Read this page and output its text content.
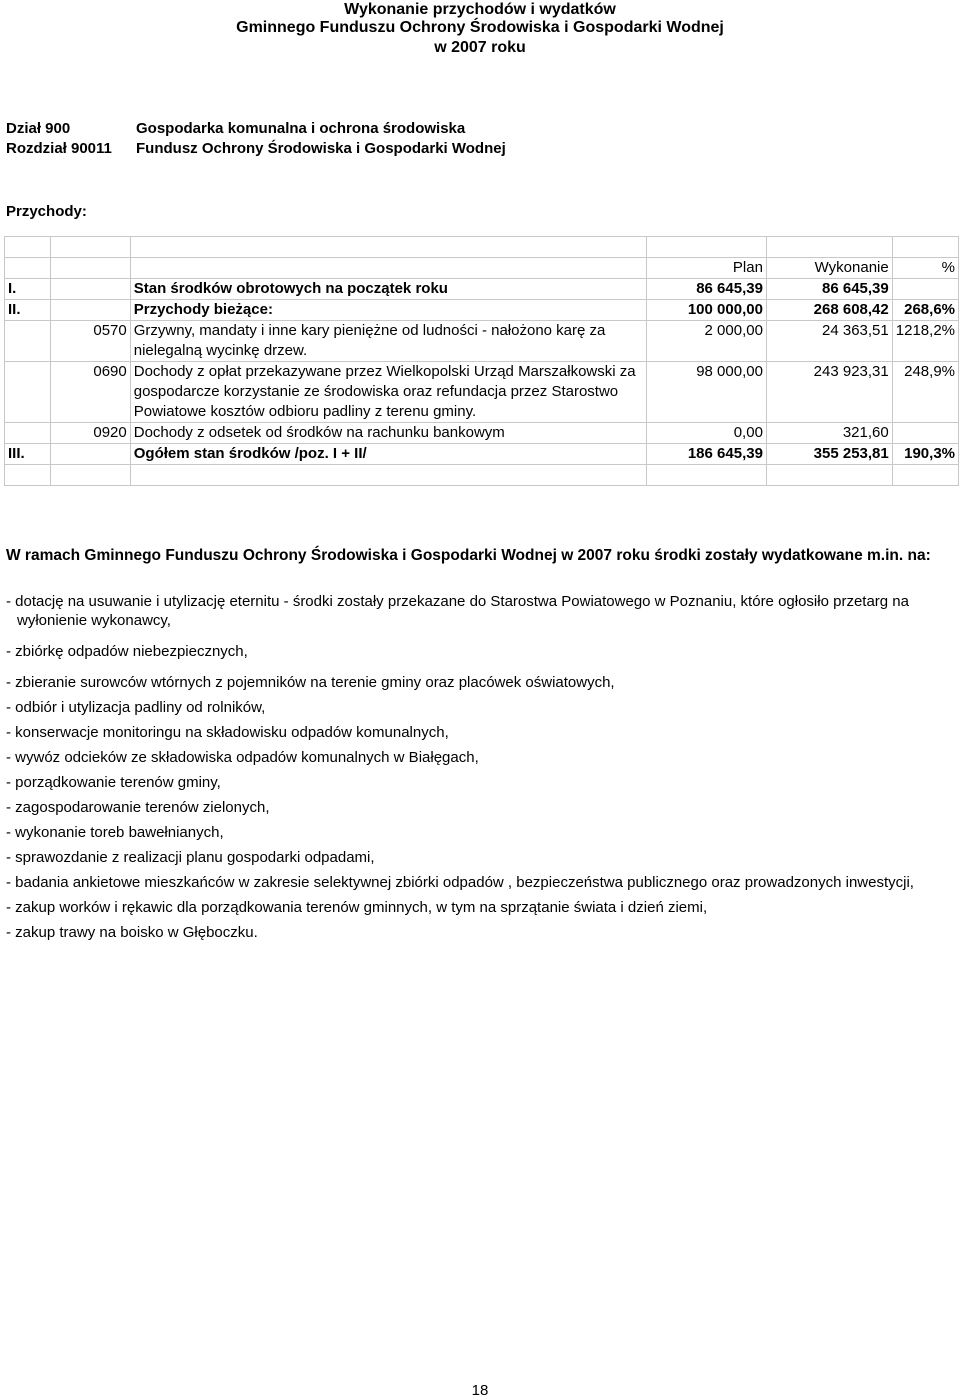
Wykonanie przychodów i wydatków
Gminnego Funduszu Ochrony Środowiska i Gospodarki Wodnej
w 2007 roku
Dział 900	Gospodarka komunalna i ochrona środowiska
Rozdział 90011 Fundusz Ochrony Środowiska i Gospodarki Wodnej
Przychody:

			Plan	Wykonanie	%
I.		Stan środków obrotowych na początek roku	86 645,39	86 645,39	
II.		Przychody bieżące:	100 000,00	268 608,42	268,6%
	0570	Grzywny, mandaty i inne kary pieniężne od ludności - nałożono karę za nielegalną wycinkę drzew.	2 000,00	24 363,51	1218,2%
	0690	Dochody z opłat przekazywane przez Wielkopolski Urząd Marszałkowski za gospodarcze korzystanie ze środowiska oraz refundacja przez Starostwo Powiatowe kosztów odbioru padliny z terenu gminy.	98 000,00	243 923,31	248,9%
	0920	Dochody z odsetek od środków na rachunku bankowym	0,00	321,60	
III.		Ogółem stan środków /poz. I + II/	186 645,39	355 253,81	190,3%

W ramach Gminnego Funduszu Ochrony Środowiska i Gospodarki Wodnej w 2007 roku środki zostały wydatkowane m.in. na:
- dotację na usuwanie i utylizację eternitu - środki zostały przekazane do Starostwa Powiatowego w Poznaniu, które ogłosiło przetarg na wyłonienie wykonawcy,
- zbiórkę odpadów niebezpiecznych,
- zbieranie surowców wtórnych z pojemników na terenie gminy oraz placówek oświatowych,
- odbiór i utylizacja padliny od rolników,
- konserwacje monitoringu na składowisku odpadów komunalnych,
- wywóz odcieków ze składowiska odpadów komunalnych w Białęgach,
- porządkowanie terenów gminy,
- zagospodarowanie terenów zielonych,
- wykonanie toreb bawełnianych,
- sprawozdanie z realizacji planu gospodarki odpadami,
- badania ankietowe mieszkańców w zakresie selektywnej zbiórki odpadów , bezpieczeństwa publicznego oraz prowadzonych inwestycji,
- zakup worków i rękawic dla porządkowania terenów gminnych, w tym na sprzątanie świata i dzień ziemi,
- zakup trawy na boisko w Głęboczku.
18
